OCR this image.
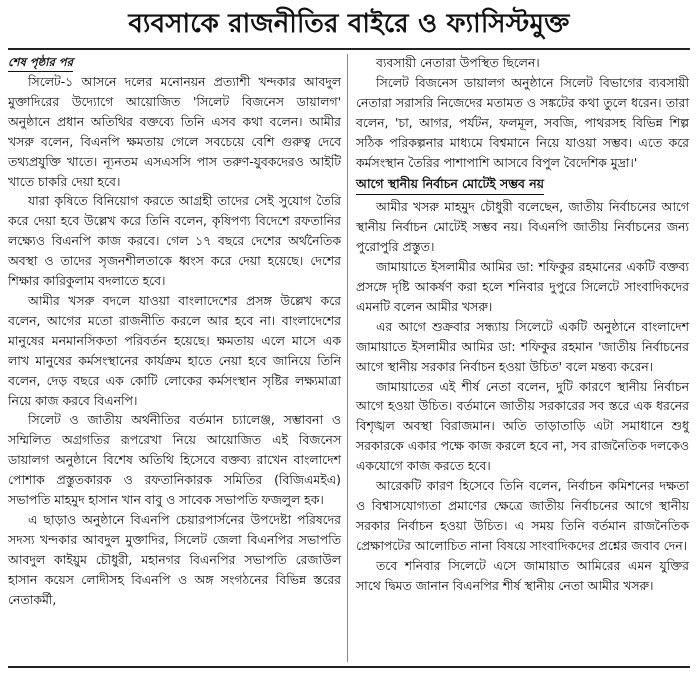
ব্যবসাকে রাজনীতির বাইরে ও ফ্যাসিস্টমুক্ত
শেষ পৃষ্ঠার পর

সিলেট-১ আসনে দলের মনোনয়ন প্রত্যাশী খন্দকার আবদুল মুক্তাদিরের উদ্যোগে আয়োজিত 'সিলেট বিজনেস ডায়ালগ' অনুষ্ঠানে প্রধান অতিথির বক্তব্যে তিনি এসব কথা বলেন। আমীর খসরু বলেন, বিএনপি ক্ষমতায় গেলে সবচেয়ে বেশি গুরুত্ব দেবে তথ্যপ্রযুক্তি খাতে। ন্যূনতম এসএসসি পাস তরুণ-যুবকদেরও আইটি খাতে চাকরি দেয়া হবে।

যারা কৃষিতে বিনিয়োগ করতে আগ্রহী তাদের সেই সুযোগ তৈরি করে দেয়া হবে উল্লেখ করে তিনি বলেন, কৃষিপণ্য বিদেশে রফতানির লক্ষ্যেও বিএনপি কাজ করবে। গেল ১৭ বছরে দেশের অর্থনৈতিক অবস্থা ও তাদের সৃজনশীলতাকে ধ্বংস করে দেয়া হয়েছে। দেশের শিক্ষার কারিকুলাম বদলাতে হবে।

আমীর খসরু বদলে যাওয়া বাংলাদেশের প্রসঙ্গ উল্লেখ করে বলেন, আগের মতো রাজনীতি করলে আর হবে না। বাংলাদেশের মানুষের মনমানসিকতা পরিবর্তন হয়েছে। ক্ষমতায় এলে মাসে এক লাখ মানুষের কর্মসংস্থানের কার্যক্রম হাতে নেয়া হবে জানিয়ে তিনি বলেন, দেড় বছরে এক কোটি লোকের কর্মসংস্থান সৃষ্টির লক্ষ্যমাত্রা নিয়ে কাজ করবে বিএনপি।

সিলেট ও জাতীয় অর্থনীতির বর্তমান চ্যালেঞ্জ, সম্ভাবনা ও সম্মিলিত অগ্রগতির রূপরেখা নিয়ে আয়োজিত এই বিজনেস ডায়ালগ অনুষ্ঠানে বিশেষ অতিথি হিসেবে বক্তব্য রাখেন বাংলাদেশ পোশাক প্রস্তুতকারক ও রফতানিকারক সমিতির (বিজিএমইএ) সভাপতি মাহমুদ হাসান খান বাবু ও সাবেক সভাপতি ফজলুল হক।

এ ছাড়াও অনুষ্ঠানে বিএনপি চেয়ারপার্সনের উপদেষ্টা পরিষদের সদস্য খন্দকার আবদুল মুক্তাদির, সিলেট জেলা বিএনপির সভাপতি আবদুল কাইয়ুম চৌধুরী, মহানগর বিএনপির সভাপতি রেজাউল হাসান কয়েস লোদীসহ বিএনপি ও অঙ্গ সংগঠনের বিভিন্ন স্তরের নেতাকর্মী,

ব্যবসায়ী নেতারা উপস্থিত ছিলেন।

সিলেট বিজনেস ডায়ালগ অনুষ্ঠানে সিলেট বিভাগের ব্যবসায়ী নেতারা সরাসরি নিজেদের মতামত ও সঙ্কটের কথা তুলে ধরেন। তারা বলেন, 'চা, আগর, পর্যটন, ফলমূল, সবজি, পাথরসহ বিভিন্ন শিল্প সঠিক পরিকল্পনার মাধ্যমে বিশ্বমানে নিয়ে যাওয়া সম্ভব। এতে করে কর্মসংস্থান তৈরির পাশাপাশি আসবে বিপুল বৈদেশিক মুদ্রা।'

আগে স্থানীয় নির্বাচন মোটেই সম্ভব নয়

আমীর খসরু মাহমুদ চৌধুরী বলেছেন, জাতীয় নির্বাচনের আগে স্থানীয় নির্বাচন মোটেই সম্ভব নয়। বিএনপি জাতীয় নির্বাচনের জন্য পুরোপুরি প্রস্তুত।

জামায়াতে ইসলামীর আমির ডা: শফিকুর রহমানের একটি বক্তব্য প্রসঙ্গে দৃষ্টি আকর্ষণ করা হলে শনিবার দুপুরে সিলেটে সাংবাদিকদের এমনটি বলেন আমীর খসরু।

এর আগে শুক্রবার সন্ধ্যায় সিলেটে একটি অনুষ্ঠানে বাংলাদেশ জামায়াতে ইসলামীর আমির ডা: শফিকুর রহমান 'জাতীয় নির্বাচনের আগে স্থানীয় সরকার নির্বাচন হওয়া উচিত' বলে মন্তব্য করেন।

জামায়াতের এই শীর্ষ নেতা বলেন, দুটি কারণে স্থানীয় নির্বাচন আগে হওয়া উচিত। বর্তমানে জাতীয় সরকারের সব স্তরে এক ধরনের বিশৃঙ্খল অবস্থা বিরাজমান। অতি তাড়াতাড়ি এটা সমাধানে শুধু সরকারকে একার পক্ষে কাজ করলে হবে না, সব রাজনৈতিক দলকেও একযোগে কাজ করতে হবে।

আরেকটি কারণ হিসেবে তিনি বলেন, নির্বাচন কমিশনের দক্ষতা ও বিশ্বাসযোগ্যতা প্রমাণের ক্ষেত্রে জাতীয় নির্বাচনের আগে স্থানীয় সরকার নির্বাচন হওয়া উচিত। এ সময় তিনি বর্তমান রাজনৈতিক প্রেক্ষাপটের আলোচিত নানা বিষয়ে সাংবাদিকদের প্রশ্নের জবাব দেন।

তবে শনিবার সিলেটে এসে জামায়াত আমিরের এমন যুক্তির সাথে দ্বিমত জানান বিএনপির শীর্ষ স্থানীয় নেতা আমীর খসরু।
